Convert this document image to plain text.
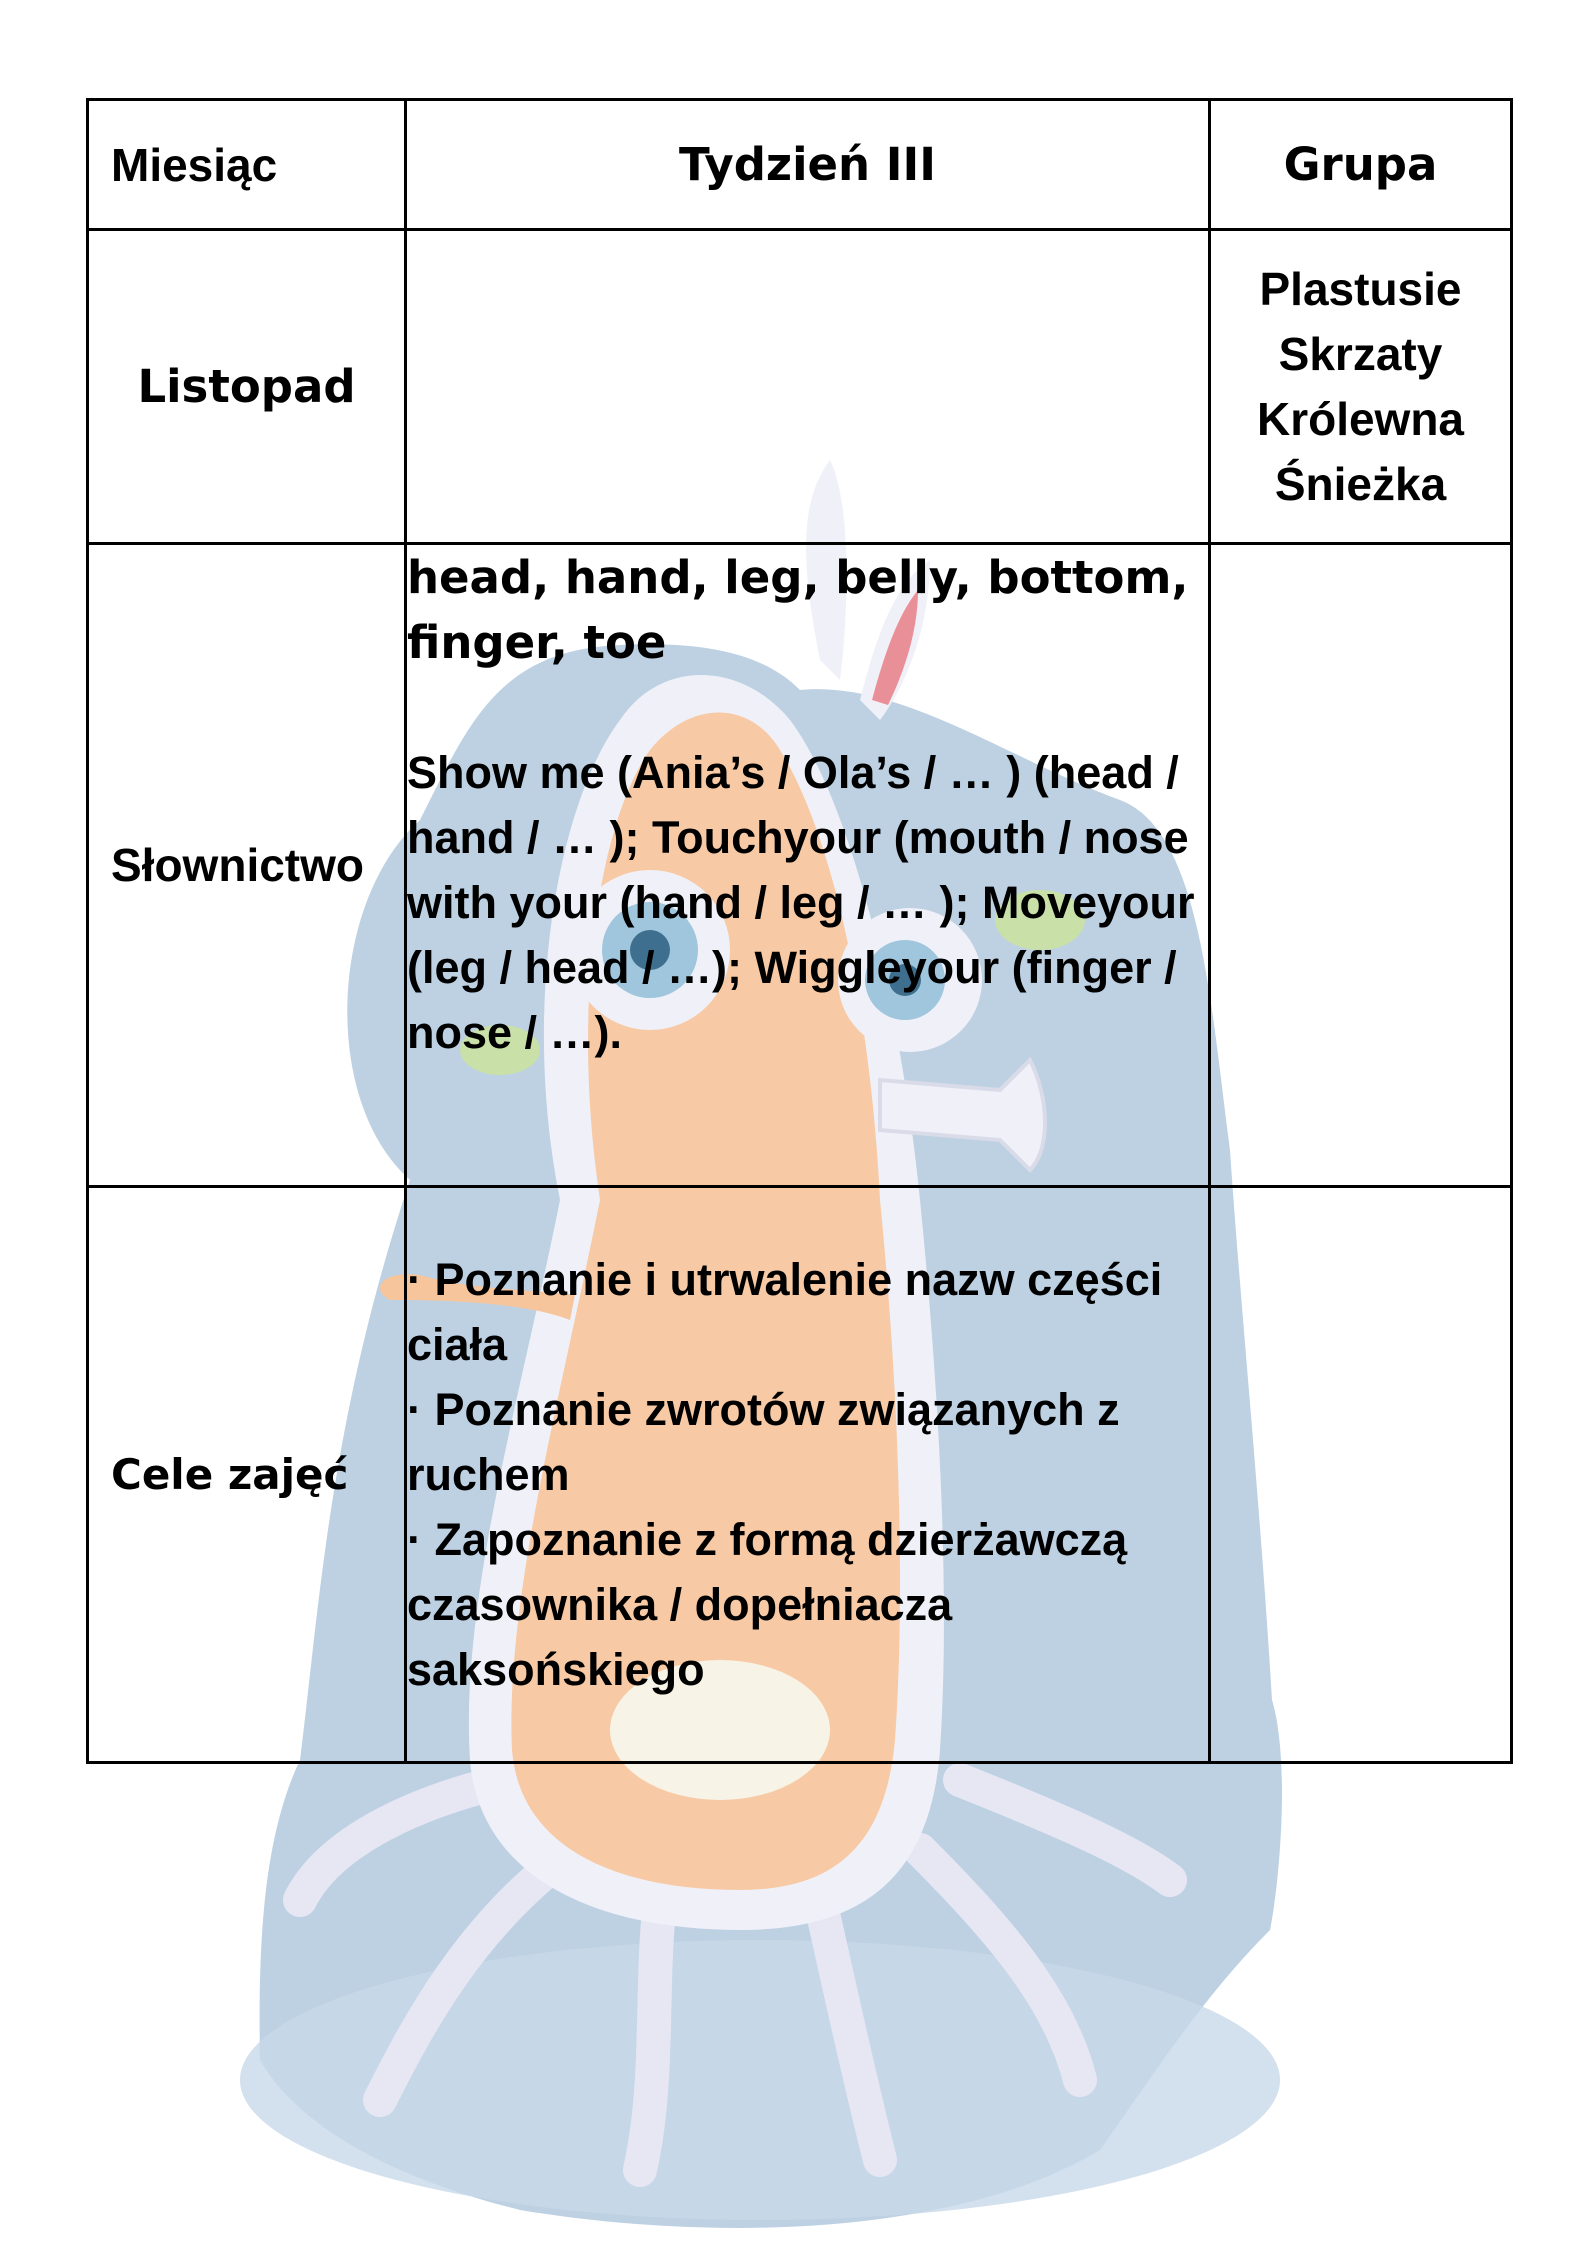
Miesiąc	Tydzień III	Grupa

Listopad		Plastusie
Skrzaty
Królewna
Śnieżka

Słownictwo	head, hand, leg, belly, bottom, finger, toe
Show me (Ania’s / Ola’s / … ) (head / hand / … ); Touchyour (mouth / nose with your (hand / leg / … ); Moveyour (leg / head / …); Wiggleyour (finger / nose / …).	

Cele zajęć	· Poznanie i utrwalenie nazw części ciała
· Poznanie zwrotów związanych z ruchem
· Zapoznanie z formą dzierżawczą czasownika / dopełniacza saksońskiego	
